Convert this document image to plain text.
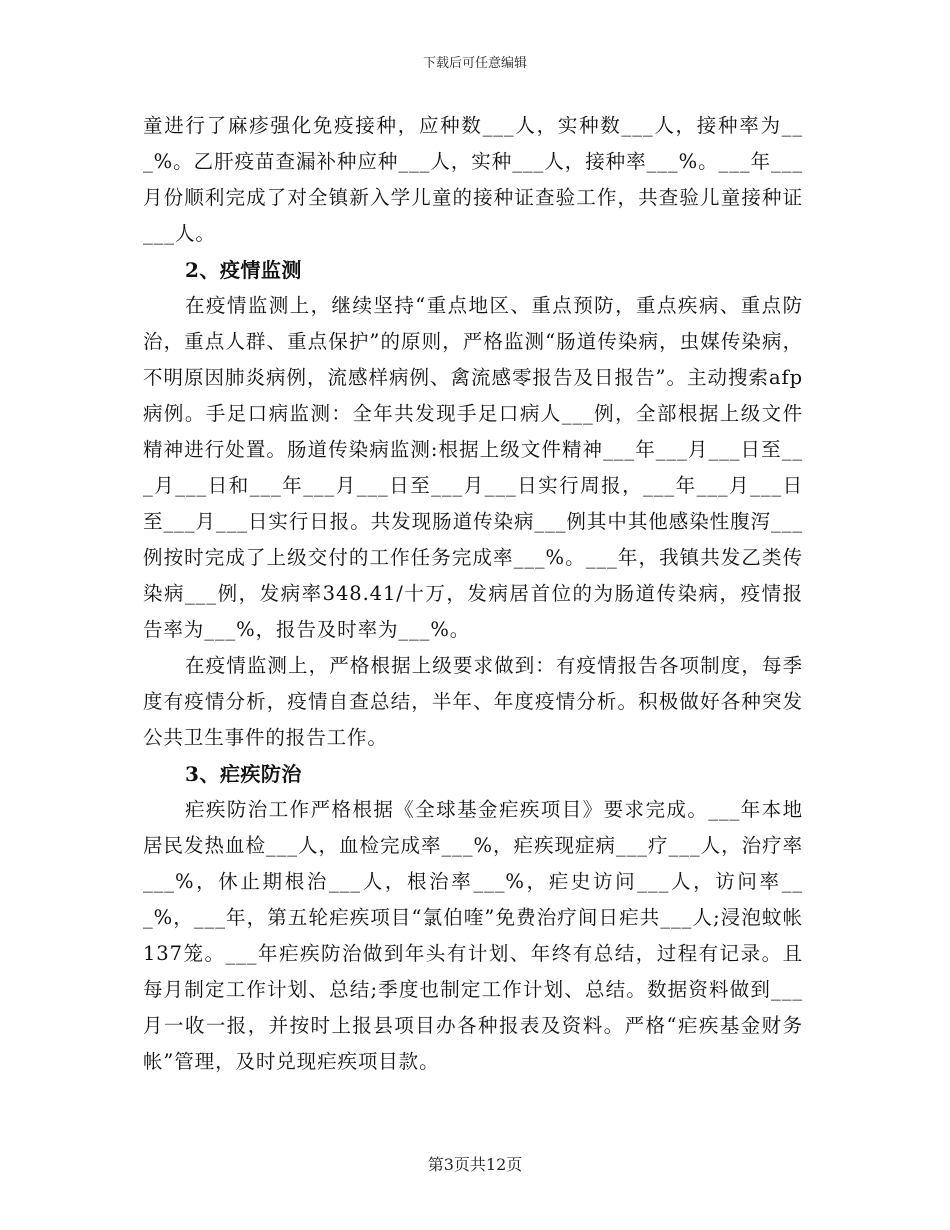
下载后可任意编辑

童进行了麻疹强化免疫接种，应种数___人，实种数___人，接种率为___%。乙肝疫苗查漏补种应种___人，实种___人，接种率___%。___年___月份顺利完成了对全镇新入学儿童的接种证查验工作，共查验儿童接种证___人。

2、疫情监测

在疫情监测上，继续坚持“重点地区、重点预防，重点疾病、重点防治，重点人群、重点保护”的原则，严格监测“肠道传染病，虫媒传染病，不明原因肺炎病例，流感样病例、禽流感零报告及日报告”。主动搜索afp病例。手足口病监测：全年共发现手足口病人___例，全部根据上级文件精神进行处置。肠道传染病监测:根据上级文件精神___年___月___日至___月___日和___年___月___日至___月___日实行周报，___年___月___日至___月___日实行日报。共发现肠道传染病___例其中其他感染性腹泻___例按时完成了上级交付的工作任务完成率___%。___年，我镇共发乙类传染病___例，发病率348.41/十万，发病居首位的为肠道传染病，疫情报告率为___%，报告及时率为___%。

在疫情监测上，严格根据上级要求做到：有疫情报告各项制度，每季度有疫情分析，疫情自查总结，半年、年度疫情分析。积极做好各种突发公共卫生事件的报告工作。

3、疟疾防治

疟疾防治工作严格根据《全球基金疟疾项目》要求完成。___年本地居民发热血检___人，血检完成率___%，疟疾现症病___疗___人，治疗率___%，休止期根治___人，根治率___%，疟史访问___人，访问率___%，___年，第五轮疟疾项目“氯伯喹”免费治疗间日疟共___人;浸泡蚊帐137笼。___年疟疾防治做到年头有计划、年终有总结，过程有记录。且每月制定工作计划、总结;季度也制定工作计划、总结。数据资料做到___月一收一报，并按时上报县项目办各种报表及资料。严格“疟疾基金财务帐”管理，及时兑现疟疾项目款。

第3页共12页
